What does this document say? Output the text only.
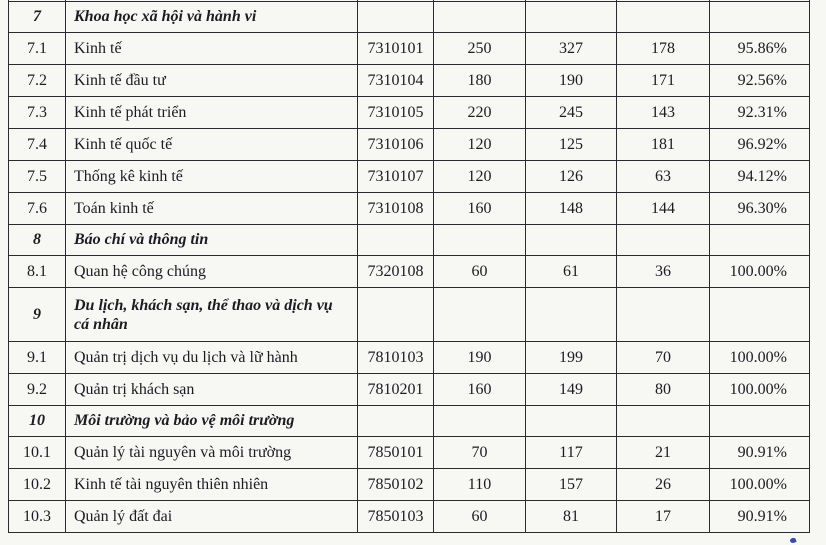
7	Khoa học xã hội và hành vi					
7.1	Kinh tế	7310101	250	327	178	95.86%
7.2	Kinh tế đầu tư	7310104	180	190	171	92.56%
7.3	Kinh tế phát triển	7310105	220	245	143	92.31%
7.4	Kinh tế quốc tế	7310106	120	125	181	96.92%
7.5	Thống kê kinh tế	7310107	120	126	63	94.12%
7.6	Toán kinh tế	7310108	160	148	144	96.30%
8	Báo chí và thông tin					
8.1	Quan hệ công chúng	7320108	60	61	36	100.00%
9	Du lịch, khách sạn, thể thao và dịch vụ cá nhân					
9.1	Quản trị dịch vụ du lịch và lữ hành	7810103	190	199	70	100.00%
9.2	Quản trị khách sạn	7810201	160	149	80	100.00%
10	Môi trường và bảo vệ môi trường					
10.1	Quản lý tài nguyên và môi trường	7850101	70	117	21	90.91%
10.2	Kinh tế tài nguyên thiên nhiên	7850102	110	157	26	100.00%
10.3	Quản lý đất đai	7850103	60	81	17	90.91%
